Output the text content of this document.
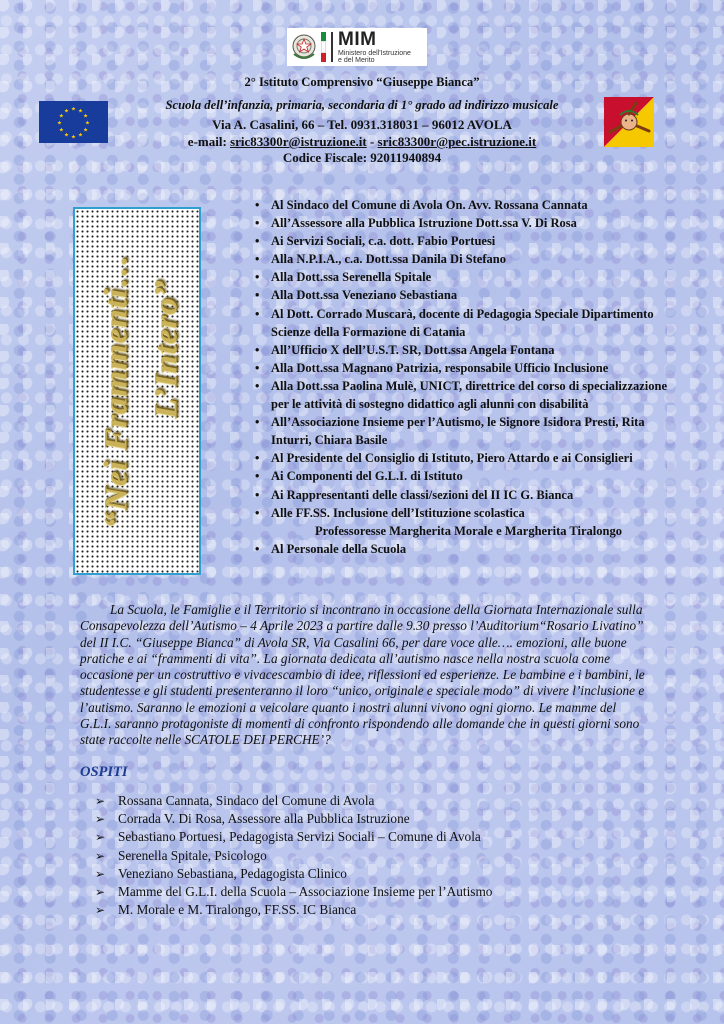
MIM
Ministero dell'Istruzione e del Merito
★ ★
★
★
★
★
★
★
★
★
★
★
2° Istituto Comprensivo “Giuseppe Bianca”
Scuola dell’infanzia, primaria, secondaria di 1° grado ad indirizzo musicale
Via A. Casalini, 66 – Tel. 0931.318031 – 96012 AVOLA
e-mail: sric83300r@istruzione.it - sric83300r@pec.istruzione.it
Codice Fiscale: 92011940894
“Nei Frammenti… L’Intero”
• Al Sindaco del Comune di Avola On. Avv. Rossana Cannata
• All’Assessore alla Pubblica Istruzione Dott.ssa V. Di Rosa
• Ai Servizi Sociali, c.a. dott. Fabio Portuesi
• Alla N.P.I.A., c.a. Dott.ssa Danila Di Stefano
• Alla Dott.ssa Serenella Spitale
• Alla Dott.ssa Veneziano Sebastiana
• Al Dott. Corrado Muscarà, docente di Pedagogia Speciale Dipartimento Scienze della Formazione di Catania
• All’Ufficio X dell’U.S.T. SR, Dott.ssa Angela Fontana
• Alla Dott.ssa Magnano Patrizia, responsabile Ufficio Inclusione
• Alla Dott.ssa Paolina Mulè, UNICT, direttrice del corso di specializzazione per le attività di sostegno didattico agli alunni con disabilità
• All’Associazione Insieme per l’Autismo, le Signore Isidora Presti, Rita Inturri, Chiara Basile
• Al Presidente del Consiglio di Istituto, Piero Attardo e ai Consiglieri
• Ai Componenti del G.L.I. di Istituto
• Ai Rappresentanti delle classi/sezioni del II IC G. Bianca
• Alle FF.SS. Inclusione dell’Istituzione scolastica
Professoresse Margherita Morale e Margherita Tiralongo
• Al Personale della Scuola

La Scuola, le Famiglie e il Territorio si incontrano in occasione della Giornata Internazionale sulla Consapevolezza dell’Autismo – 4 Aprile 2023 a partire dalle 9.30 presso l’Auditorium“Rosario Livatino” del II I.C. “Giuseppe Bianca” di Avola SR, Via Casalini 66, per dare voce alle…. emozioni, alle buone pratiche e ai “frammenti di vita”. La giornata dedicata all’autismo nasce nella nostra scuola come occasione per un costruttivo e vivacescambio di idee, riflessioni ed esperienze. Le bambine e i bambini, le studentesse e gli studenti presenteranno il loro “unico, originale e speciale modo” di vivere l’inclusione e l’autismo. Saranno le emozioni a veicolare quanto i nostri alunni vivono ogni giorno. Le mamme del G.L.I. saranno protagoniste di momenti di confronto rispondendo alle domande che in questi giorni sono state raccolte nelle SCATOLE DEI PERCHE’?

OSPITI
➢ Rossana Cannata, Sindaco del Comune di Avola
➢ Corrada V. Di Rosa, Assessore alla Pubblica Istruzione
➢ Sebastiano Portuesi, Pedagogista Servizi Sociali – Comune di Avola
➢ Serenella Spitale, Psicologo
➢ Veneziano Sebastiana, Pedagogista Clinico
➢ Mamme del G.L.I. della Scuola – Associazione Insieme per l’Autismo
➢ M. Morale e M. Tiralongo, FF.SS. IC Bianca
